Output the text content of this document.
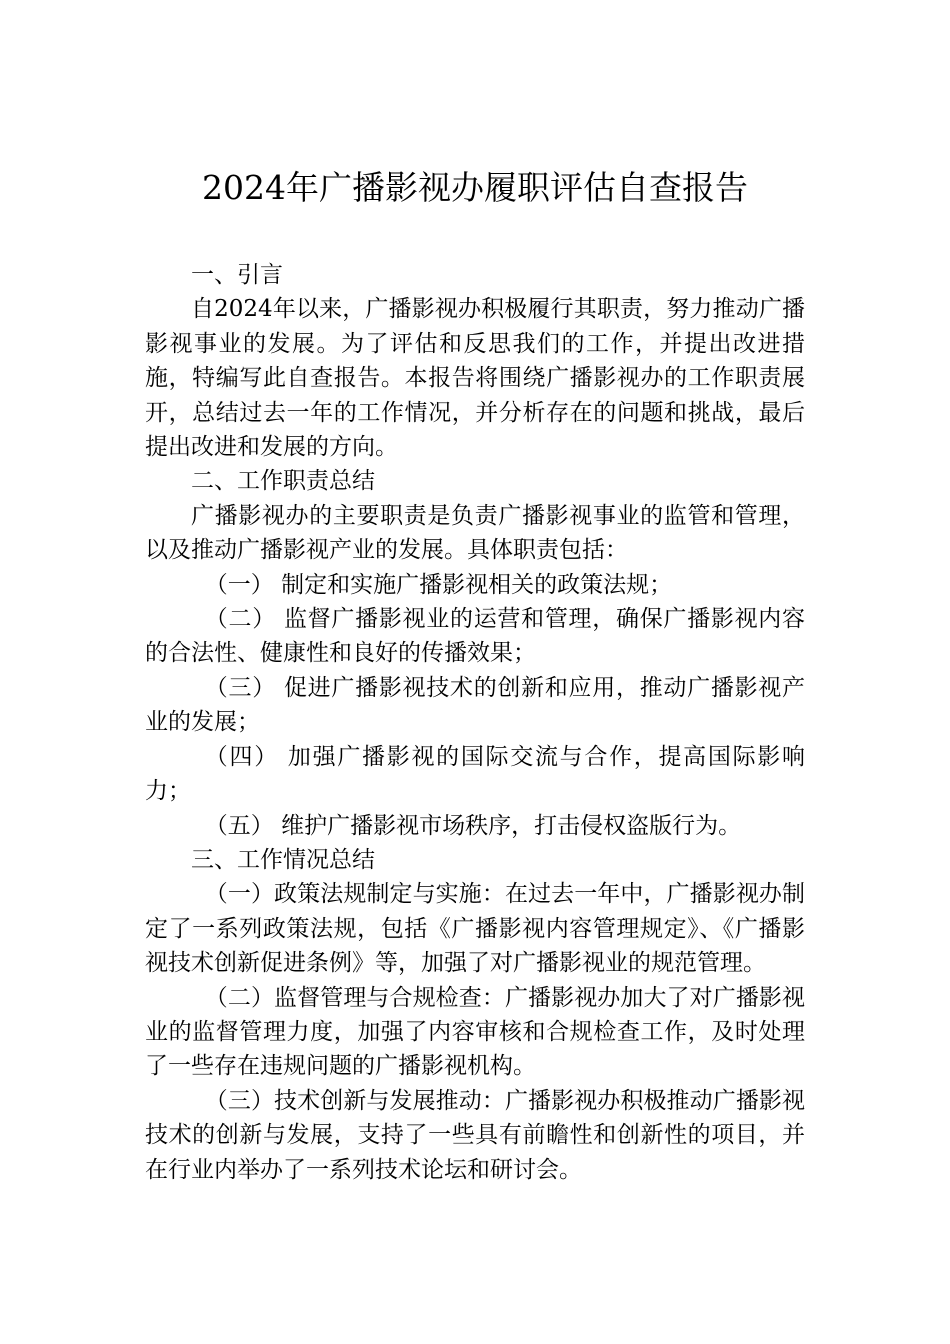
2024年广播影视办履职评估自查报告

一、引言

自2024年以来，广播影视办积极履行其职责，努力推动广播影视事业的发展。为了评估和反思我们的工作，并提出改进措施，特编写此自查报告。本报告将围绕广播影视办的工作职责展开，总结过去一年的工作情况，并分析存在的问题和挑战，最后提出改进和发展的方向。

二、工作职责总结

广播影视办的主要职责是负责广播影视事业的监管和管理，以及推动广播影视产业的发展。具体职责包括：

（一） 制定和实施广播影视相关的政策法规；

（二） 监督广播影视业的运营和管理，确保广播影视内容的合法性、健康性和良好的传播效果；

（三） 促进广播影视技术的创新和应用，推动广播影视产业的发展；

（四） 加强广播影视的国际交流与合作，提高国际影响力；

（五） 维护广播影视市场秩序，打击侵权盗版行为。

三、工作情况总结

（一）政策法规制定与实施：在过去一年中，广播影视办制定了一系列政策法规，包括《广播影视内容管理规定》、《广播影视技术创新促进条例》等，加强了对广播影视业的规范管理。

（二）监督管理与合规检查：广播影视办加大了对广播影视业的监督管理力度，加强了内容审核和合规检查工作，及时处理了一些存在违规问题的广播影视机构。

（三）技术创新与发展推动：广播影视办积极推动广播影视技术的创新与发展，支持了一些具有前瞻性和创新性的项目，并在行业内举办了一系列技术论坛和研讨会。
